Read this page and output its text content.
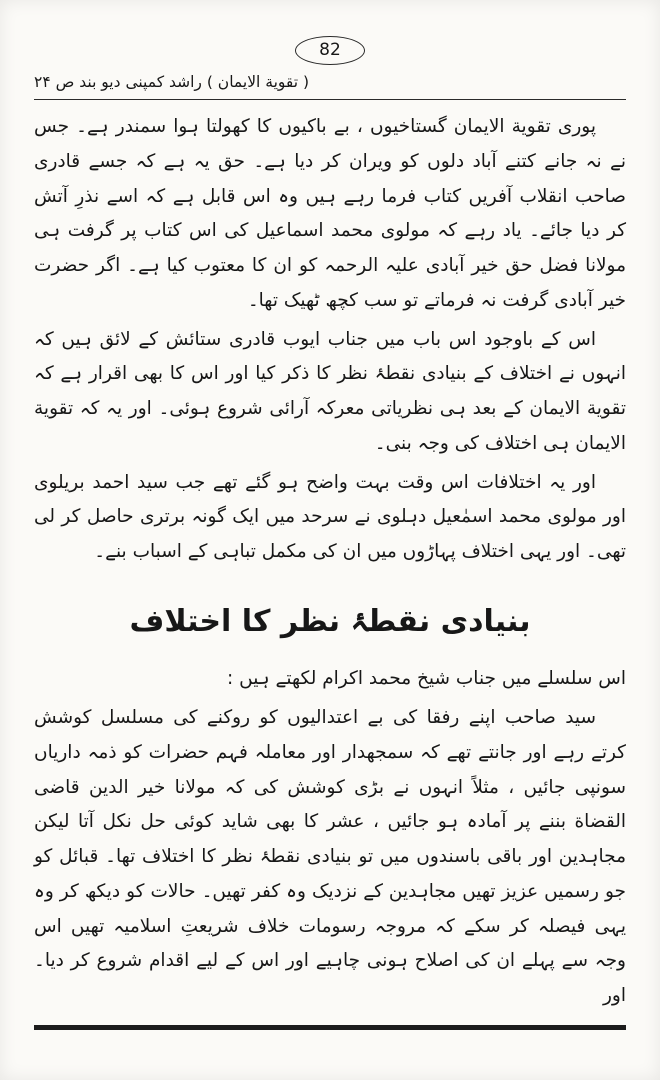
82
( تقویة الایمان ) راشد کمپنی دیو بند ص ۲۴

پوری تقویة الایمان گستاخیوں ، بے باکیوں کا کھولتا ہوا سمندر ہے۔ جس نے نہ جانے کتنے آباد دلوں کو ویران کر دیا ہے۔ حق یہ ہے کہ جسے قادری صاحب انقلاب آفریں کتاب فرما رہے ہیں وہ اس قابل ہے کہ اسے نذرِ آتش کر دیا جائے۔ یاد رہے کہ مولوی محمد اسماعیل کی اس کتاب پر گرفت ہی مولانا فضل حق خیر آبادی علیہ الرحمہ کو ان کا معتوب کیا ہے۔ اگر حضرت خیر آبادی گرفت نہ فرماتے تو سب کچھ ٹھیک تھا۔

اس کے باوجود اس باب میں جناب ایوب قادری ستائش کے لائق ہیں کہ انہوں نے اختلاف کے بنیادی نقطۂ نظر کا ذکر کیا اور اس کا بھی اقرار ہے کہ تقویة الایمان کے بعد ہی نظریاتی معرکہ آرائی شروع ہوئی۔ اور یہ کہ تقویة الایمان ہی اختلاف کی وجہ بنی۔

اور یہ اختلافات اس وقت بہت واضح ہو گئے تھے جب سید احمد بریلوی اور مولوی محمد اسمٰعیل دہلوی نے سرحد میں ایک گونہ برتری حاصل کر لی تھی۔ اور یہی اختلاف پہاڑوں میں ان کی مکمل تباہی کے اسباب بنے۔

بنیادی نقطۂ نظر کا اختلاف

اس سلسلے میں جناب شیخ محمد اکرام لکھتے ہیں :

سید صاحب اپنے رفقا کی بے اعتدالیوں کو روکنے کی مسلسل کوشش کرتے رہے اور جانتے تھے کہ سمجھدار اور معاملہ فہم حضرات کو ذمہ داریاں سونپی جائیں ، مثلاً انہوں نے بڑی کوشش کی کہ مولانا خیر الدین قاضی القضاة بننے پر آمادہ ہو جائیں ، عشر کا بھی شاید کوئی حل نکل آتا لیکن مجاہدین اور باقی باسندوں میں تو بنیادی نقطۂ نظر کا اختلاف تھا۔ قبائل کو جو رسمیں عزیز تھیں مجاہدین کے نزدیک وہ کفر تھیں۔ حالات کو دیکھ کر وہ یہی فیصلہ کر سکے کہ مروجہ رسومات خلاف شریعتِ اسلامیہ تھیں اس وجہ سے پہلے ان کی اصلاح ہونی چاہیے اور اس کے لیے اقدام شروع کر دیا۔ اور
